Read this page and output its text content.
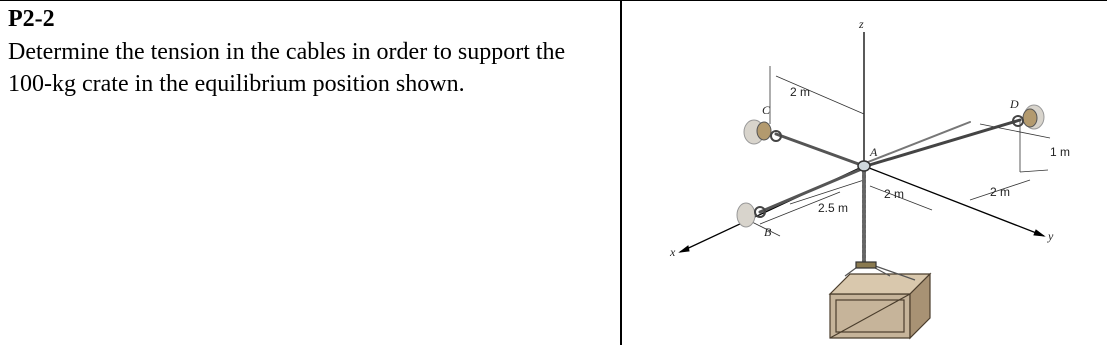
P2-2
Determine the tension in the cables in order to support the 100-kg crate in the equilibrium position shown.
z
y
x
A
B
C	D
2 m
2.5 m
2 m	2 m
1 m
